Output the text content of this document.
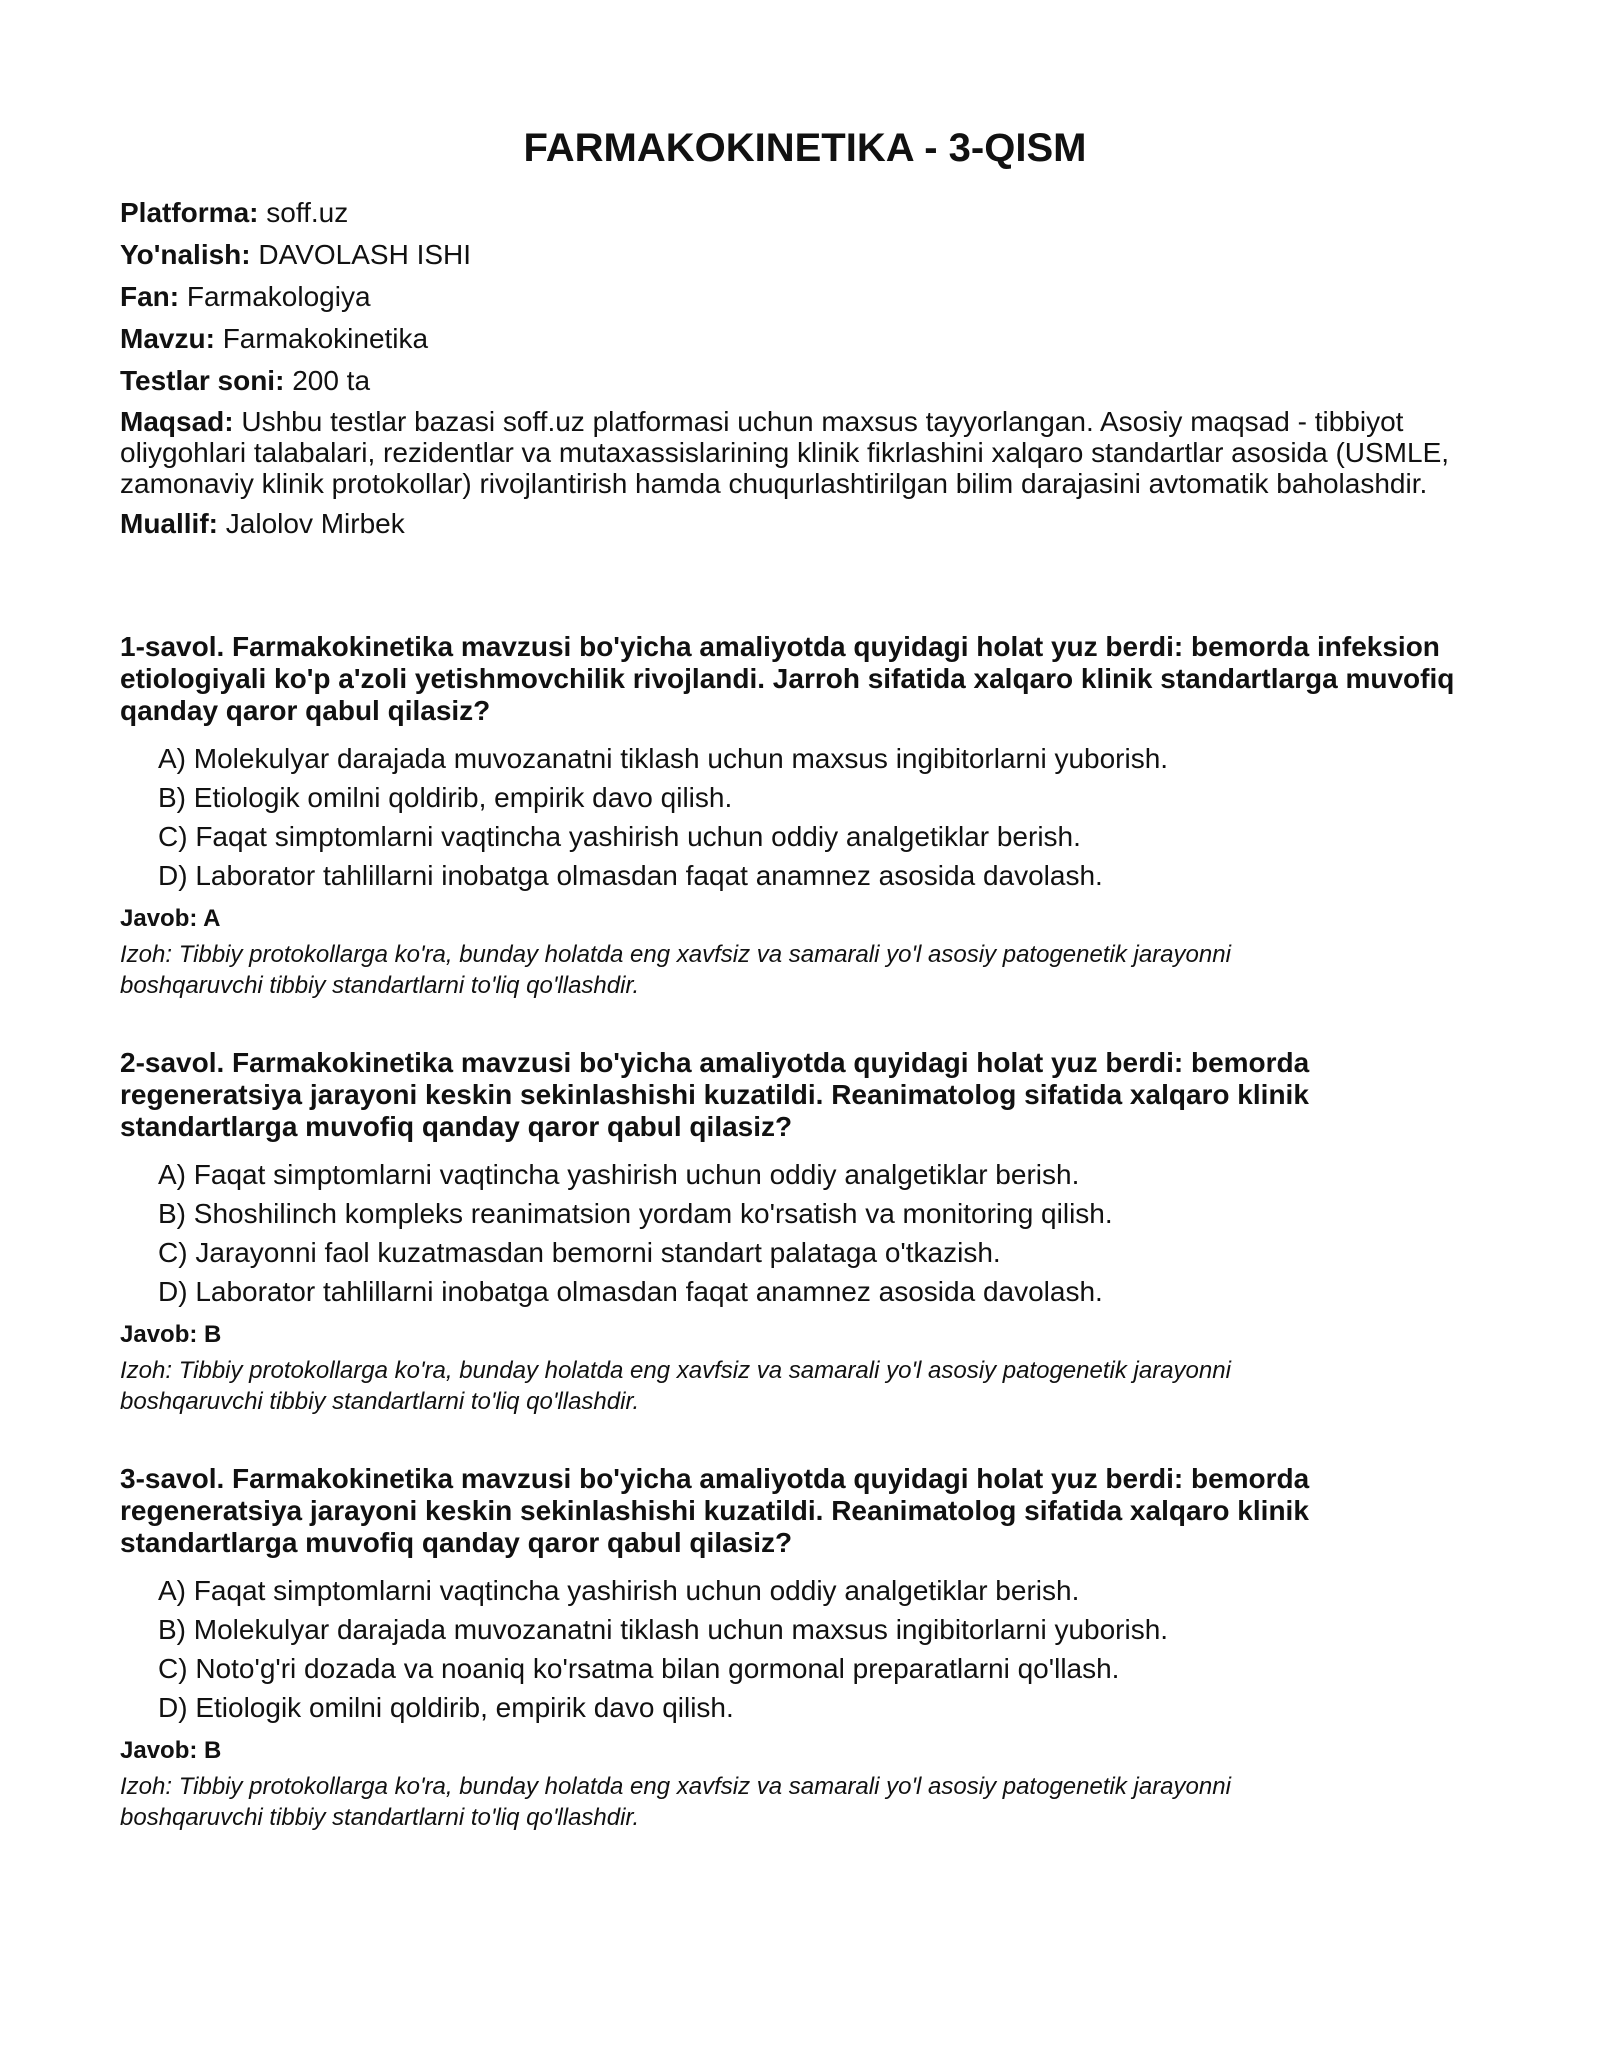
FARMAKOKINETIKA - 3-QISM

Platforma: soff.uz

Yo'nalish: DAVOLASH ISHI

Fan: Farmakologiya

Mavzu: Farmakokinetika

Testlar soni: 200 ta

Maqsad: Ushbu testlar bazasi soff.uz platformasi uchun maxsus tayyorlangan. Asosiy maqsad - tibbiyot oliygohlari talabalari, rezidentlar va mutaxassislarining klinik fikrlashini xalqaro standartlar asosida (USMLE, zamonaviy klinik protokollar) rivojlantirish hamda chuqurlashtirilgan bilim darajasini avtomatik baholashdir.

Muallif: Jalolov Mirbek

1-savol. Farmakokinetika mavzusi bo'yicha amaliyotda quyidagi holat yuz berdi: bemorda infeksion etiologiyali ko'p a'zoli yetishmovchilik rivojlandi. Jarroh sifatida xalqaro klinik standartlarga muvofiq qanday qaror qabul qilasiz?

A) Molekulyar darajada muvozanatni tiklash uchun maxsus ingibitorlarni yuborish.
B) Etiologik omilni qoldirib, empirik davo qilish.
C) Faqat simptomlarni vaqtincha yashirish uchun oddiy analgetiklar berish.
D) Laborator tahlillarni inobatga olmasdan faqat anamnez asosida davolash.

Javob: A

Izoh: Tibbiy protokollarga ko'ra, bunday holatda eng xavfsiz va samarali yo'l asosiy patogenetik jarayonni boshqaruvchi tibbiy standartlarni to'liq qo'llashdir.

2-savol. Farmakokinetika mavzusi bo'yicha amaliyotda quyidagi holat yuz berdi: bemorda regeneratsiya jarayoni keskin sekinlashishi kuzatildi. Reanimatolog sifatida xalqaro klinik standartlarga muvofiq qanday qaror qabul qilasiz?

A) Faqat simptomlarni vaqtincha yashirish uchun oddiy analgetiklar berish.
B) Shoshilinch kompleks reanimatsion yordam ko'rsatish va monitoring qilish.
C) Jarayonni faol kuzatmasdan bemorni standart palataga o'tkazish.
D) Laborator tahlillarni inobatga olmasdan faqat anamnez asosida davolash.

Javob: B

Izoh: Tibbiy protokollarga ko'ra, bunday holatda eng xavfsiz va samarali yo'l asosiy patogenetik jarayonni boshqaruvchi tibbiy standartlarni to'liq qo'llashdir.

3-savol. Farmakokinetika mavzusi bo'yicha amaliyotda quyidagi holat yuz berdi: bemorda regeneratsiya jarayoni keskin sekinlashishi kuzatildi. Reanimatolog sifatida xalqaro klinik standartlarga muvofiq qanday qaror qabul qilasiz?

A) Faqat simptomlarni vaqtincha yashirish uchun oddiy analgetiklar berish.
B) Molekulyar darajada muvozanatni tiklash uchun maxsus ingibitorlarni yuborish.
C) Noto'g'ri dozada va noaniq ko'rsatma bilan gormonal preparatlarni qo'llash.
D) Etiologik omilni qoldirib, empirik davo qilish.

Javob: B

Izoh: Tibbiy protokollarga ko'ra, bunday holatda eng xavfsiz va samarali yo'l asosiy patogenetik jarayonni boshqaruvchi tibbiy standartlarni to'liq qo'llashdir.
